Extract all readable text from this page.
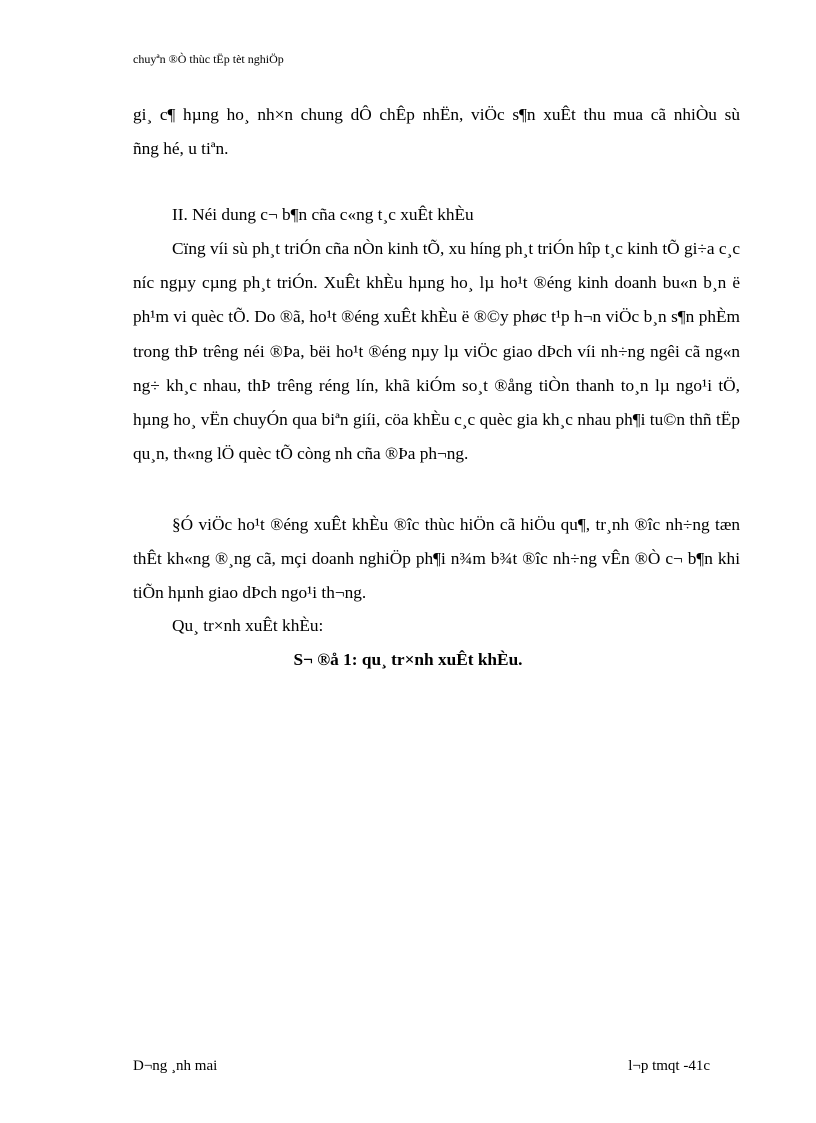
chuyªn ®Ò thùc tËp tèt nghiÖp

gi¸ c¶ hµng ho¸ nh×n chung dÔ chÊp nhËn, viÖc s¶n xuÊt thu mua cã nhiÒu sù
ñng hé, u tiªn.

II. Néi dung c¬ b¶n cña c«ng t¸c xuÊt khÈu

Cïng víi sù ph¸t triÓn cña nÒn kinh tÕ, xu híng ph¸t triÓn hîp t¸c kinh tÕ gi÷a c¸c níc ngµy cµng ph¸t triÓn. XuÊt khÈu hµng ho¸ lµ ho¹t ®éng kinh doanh bu«n b¸n ë ph¹m vi quèc tÕ. Do ®ã, ho¹t ®éng xuÊt khÈu ë ®©y phøc t¹p h¬n viÖc b¸n s¶n phÈm trong thÞ trêng néi ®Þa, bëi ho¹t ®éng nµy lµ viÖc giao dÞch víi nh÷ng ngêi cã ng«n ng÷ kh¸c nhau, thÞ trêng réng lín, khã kiÓm so¸t ®ång tiÒn thanh to¸n lµ ngo¹i tÖ, hµng ho¸ vËn chuyÓn qua biªn giíi, cöa khÈu c¸c quèc gia kh¸c nhau ph¶i tu©n thñ tËp qu¸n, th«ng lÖ quèc tÕ còng nh cña ®Þa ph¬ng.

§Ó viÖc ho¹t ®éng xuÊt khÈu ®îc thùc hiÖn cã hiÖu qu¶, tr¸nh ®îc nh÷ng tæn thÊt kh«ng ®¸ng cã, mçi doanh nghiÖp ph¶i n¾m b¾t ®îc nh÷ng vÊn ®Ò c¬ b¶n khi tiÕn hµnh giao dÞch ngo¹i th¬ng.

Qu¸ tr×nh xuÊt khÈu:

S¬ ®å 1: qu¸ tr×nh xuÊt khÈu.

D¬ng ¸nh mai	l¬p tmqt -41c
